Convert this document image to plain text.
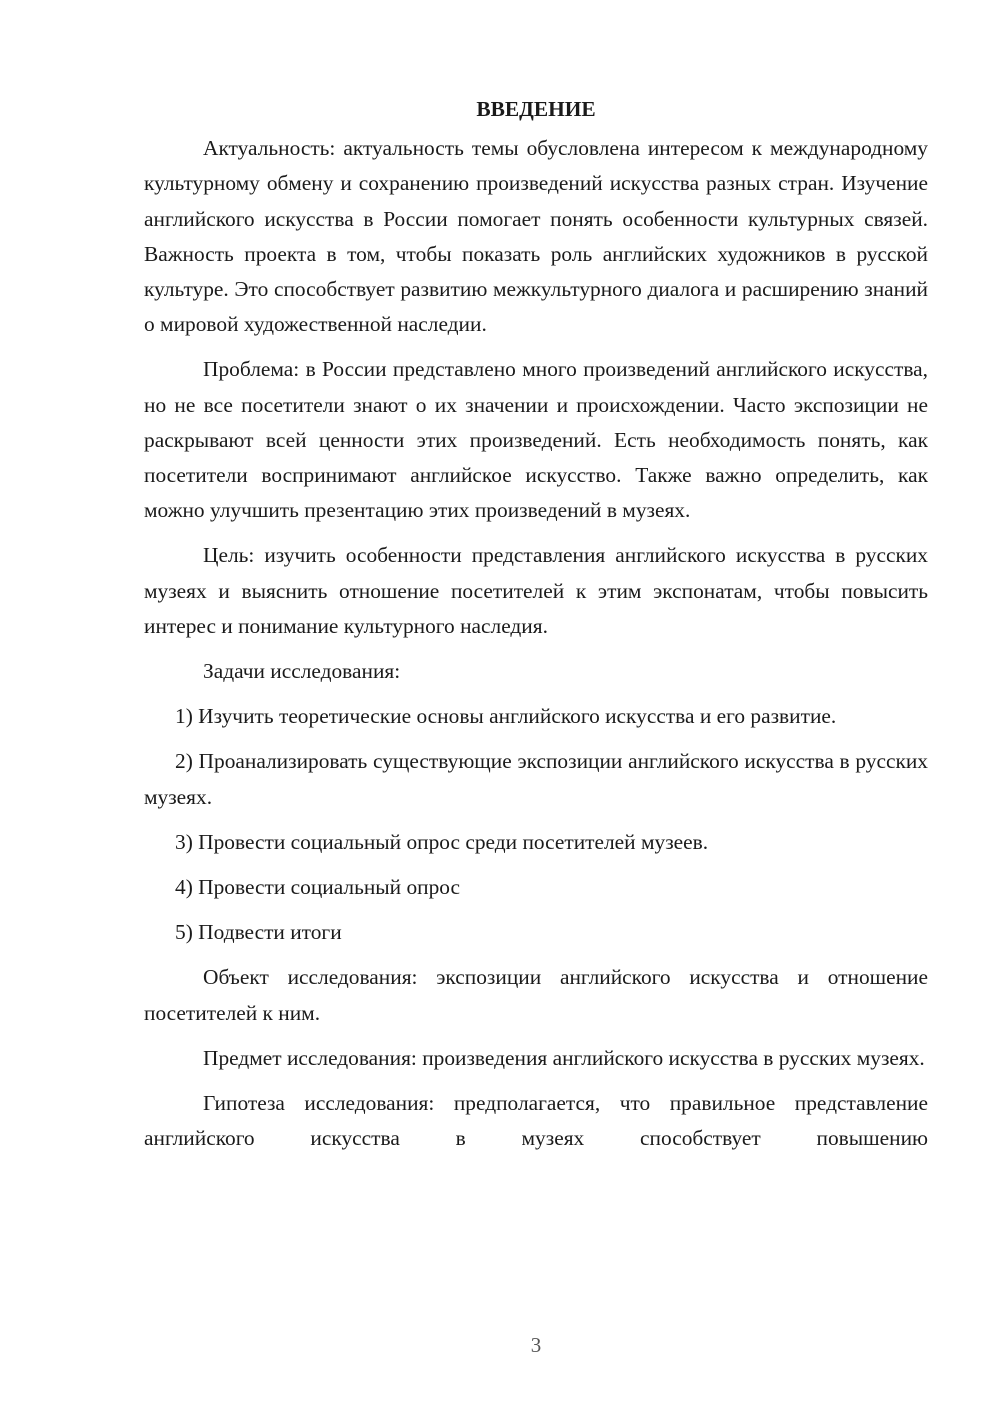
ВВЕДЕНИЕ

Актуальность: актуальность темы обусловлена интересом к международному культурному обмену и сохранению произведений искусства разных стран. Изучение английского искусства в России помогает понять особенности культурных связей. Важность проекта в том, чтобы показать роль английских художников в русской культуре. Это способствует развитию межкультурного диалога и расширению знаний о мировой художественной наследии.

Проблема: в России представлено много произведений английского искусства, но не все посетители знают о их значении и происхождении. Часто экспозиции не раскрывают всей ценности этих произведений. Есть необходимость понять, как посетители воспринимают английское искусство. Также важно определить, как можно улучшить презентацию этих произведений в музеях.

Цель: изучить особенности представления английского искусства в русских музеях и выяснить отношение посетителей к этим экспонатам, чтобы повысить интерес и понимание культурного наследия.

Задачи исследования:

1) Изучить теоретические основы английского искусства и его развитие.

2) Проанализировать существующие экспозиции английского искусства в русских музеях.

3) Провести социальный опрос среди посетителей музеев.

4) Провести социальный опрос

5) Подвести итоги

Объект исследования: экспозиции английского искусства и отношение посетителей к ним.

Предмет исследования: произведения английского искусства в русских музеях.

Гипотеза исследования: предполагается, что правильное представление английского искусства в музеях способствует повышению

3
